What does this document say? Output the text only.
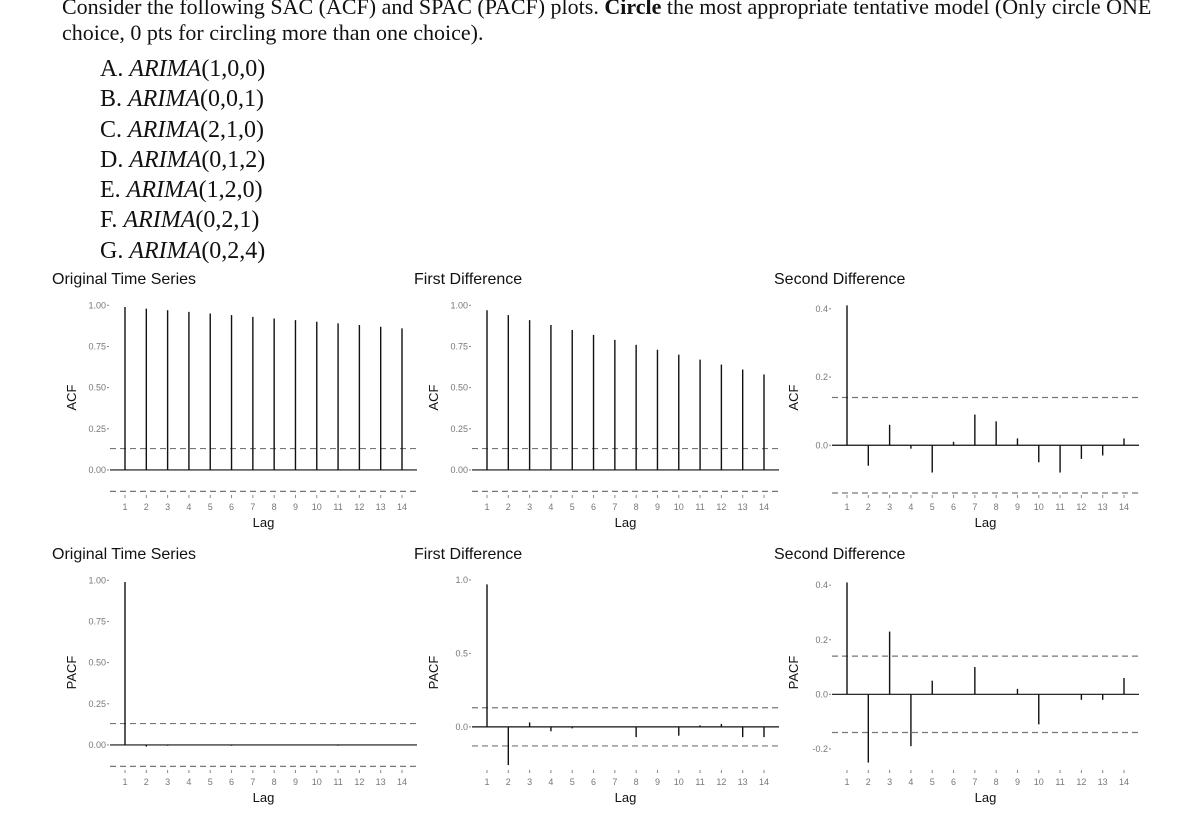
Consider the following SAC (ACF) and SPAC (PACF) plots. Circle the most appropriate tentative model (Only circle ONE choice, 0 pts for circling more than one choice).
A. ARIMA(1,0,0)
B. ARIMA(0,0,1)
C. ARIMA(2,1,0)
D. ARIMA(0,1,2)
E. ARIMA(1,2,0)
F. ARIMA(0,2,1)
G. ARIMA(0,2,4)
Original Time Series
ACF
Lag
0.00
0.25
0.50
0.75
1.00
1 2 3 4 5 6 7 8 9 10 11 12 13 14
First Difference
ACF
Lag
0.00
0.25
0.50
0.75
1.00
1 2 3 4 5 6 7 8 9 10 11 12 13 14
Second Difference
ACF
Lag
0.0
0.2
0.4
1 2 3 4 5 6 7 8 9 10 11 12 13 14
Original Time Series
PACF
Lag
0.00
0.25
0.50
0.75
1.00
1 2 3 4 5 6 7 8 9 10 11 12 13 14
First Difference
PACF
Lag
0.0
0.5
1.0
1 2 3 4 5 6 7 8 9 10 11 12 13 14
Second Difference
PACF
Lag
-0.2
0.0
0.2
0.4
1 2 3 4 5 6 7 8 9 10 11 12 13 14
